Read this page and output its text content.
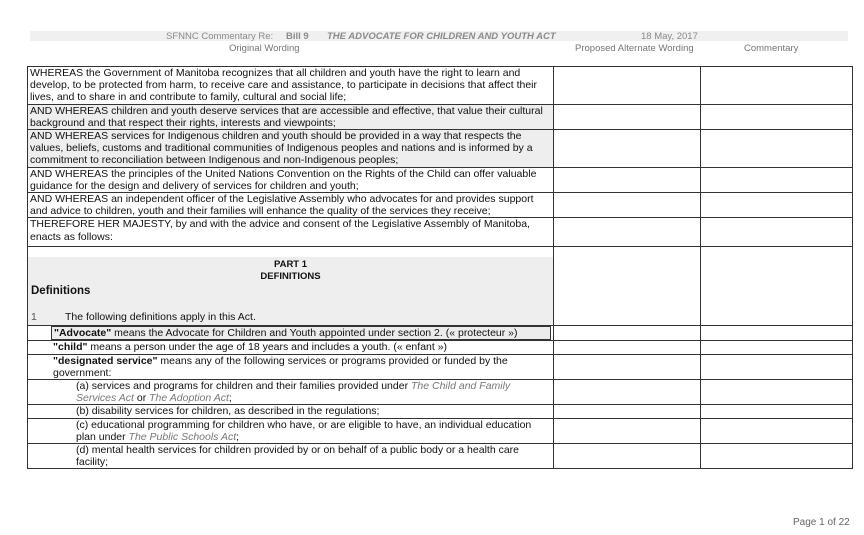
SFNNC Commentary Re: Bill 9 THE ADVOCATE FOR CHILDREN AND YOUTH ACT	18 May, 2017
Original Wording	Proposed Alternate Wording	Commentary
WHEREAS the Government of Manitoba recognizes that all children and youth have the right to learn and develop, to be protected from harm, to receive care and assistance, to participate in decisions that affect their lives, and to share in and contribute to family, cultural and social life;		
AND WHEREAS children and youth deserve services that are accessible and effective, that value their cultural background and that respect their rights, interests and viewpoints;		
AND WHEREAS services for Indigenous children and youth should be provided in a way that respects the values, beliefs, customs and traditional communities of Indigenous peoples and nations and is informed by a commitment to reconciliation between Indigenous and non-Indigenous peoples;		
AND WHEREAS the principles of the United Nations Convention on the Rights of the Child can offer valuable guidance for the design and delivery of services for children and youth;		
AND WHEREAS an independent officer of the Legislative Assembly who advocates for and provides support and advice to children, youth and their families will enhance the quality of the services they receive;		
THEREFORE HER MAJESTY, by and with the advice and consent of the Legislative Assembly of Manitoba, enacts as follows:		

PART 1
DEFINITIONS
Definitions
1 The following definitions apply in this Act.		

"Advocate" means the Advocate for Children and Youth appointed under section 2. (« protecteur »)		

"child" means a person under the age of 18 years and includes a youth. (« enfant »)		
"designated service" means any of the following services or programs provided or funded by the government:		
(a) services and programs for children and their families provided under The Child and Family Services Act or The Adoption Act;		
(b) disability services for children, as described in the regulations;		
(c) educational programming for children who have, or are eligible to have, an individual education plan under The Public Schools Act;		
(d) mental health services for children provided by or on behalf of a public body or a health care facility;		
Page 1 of 22
